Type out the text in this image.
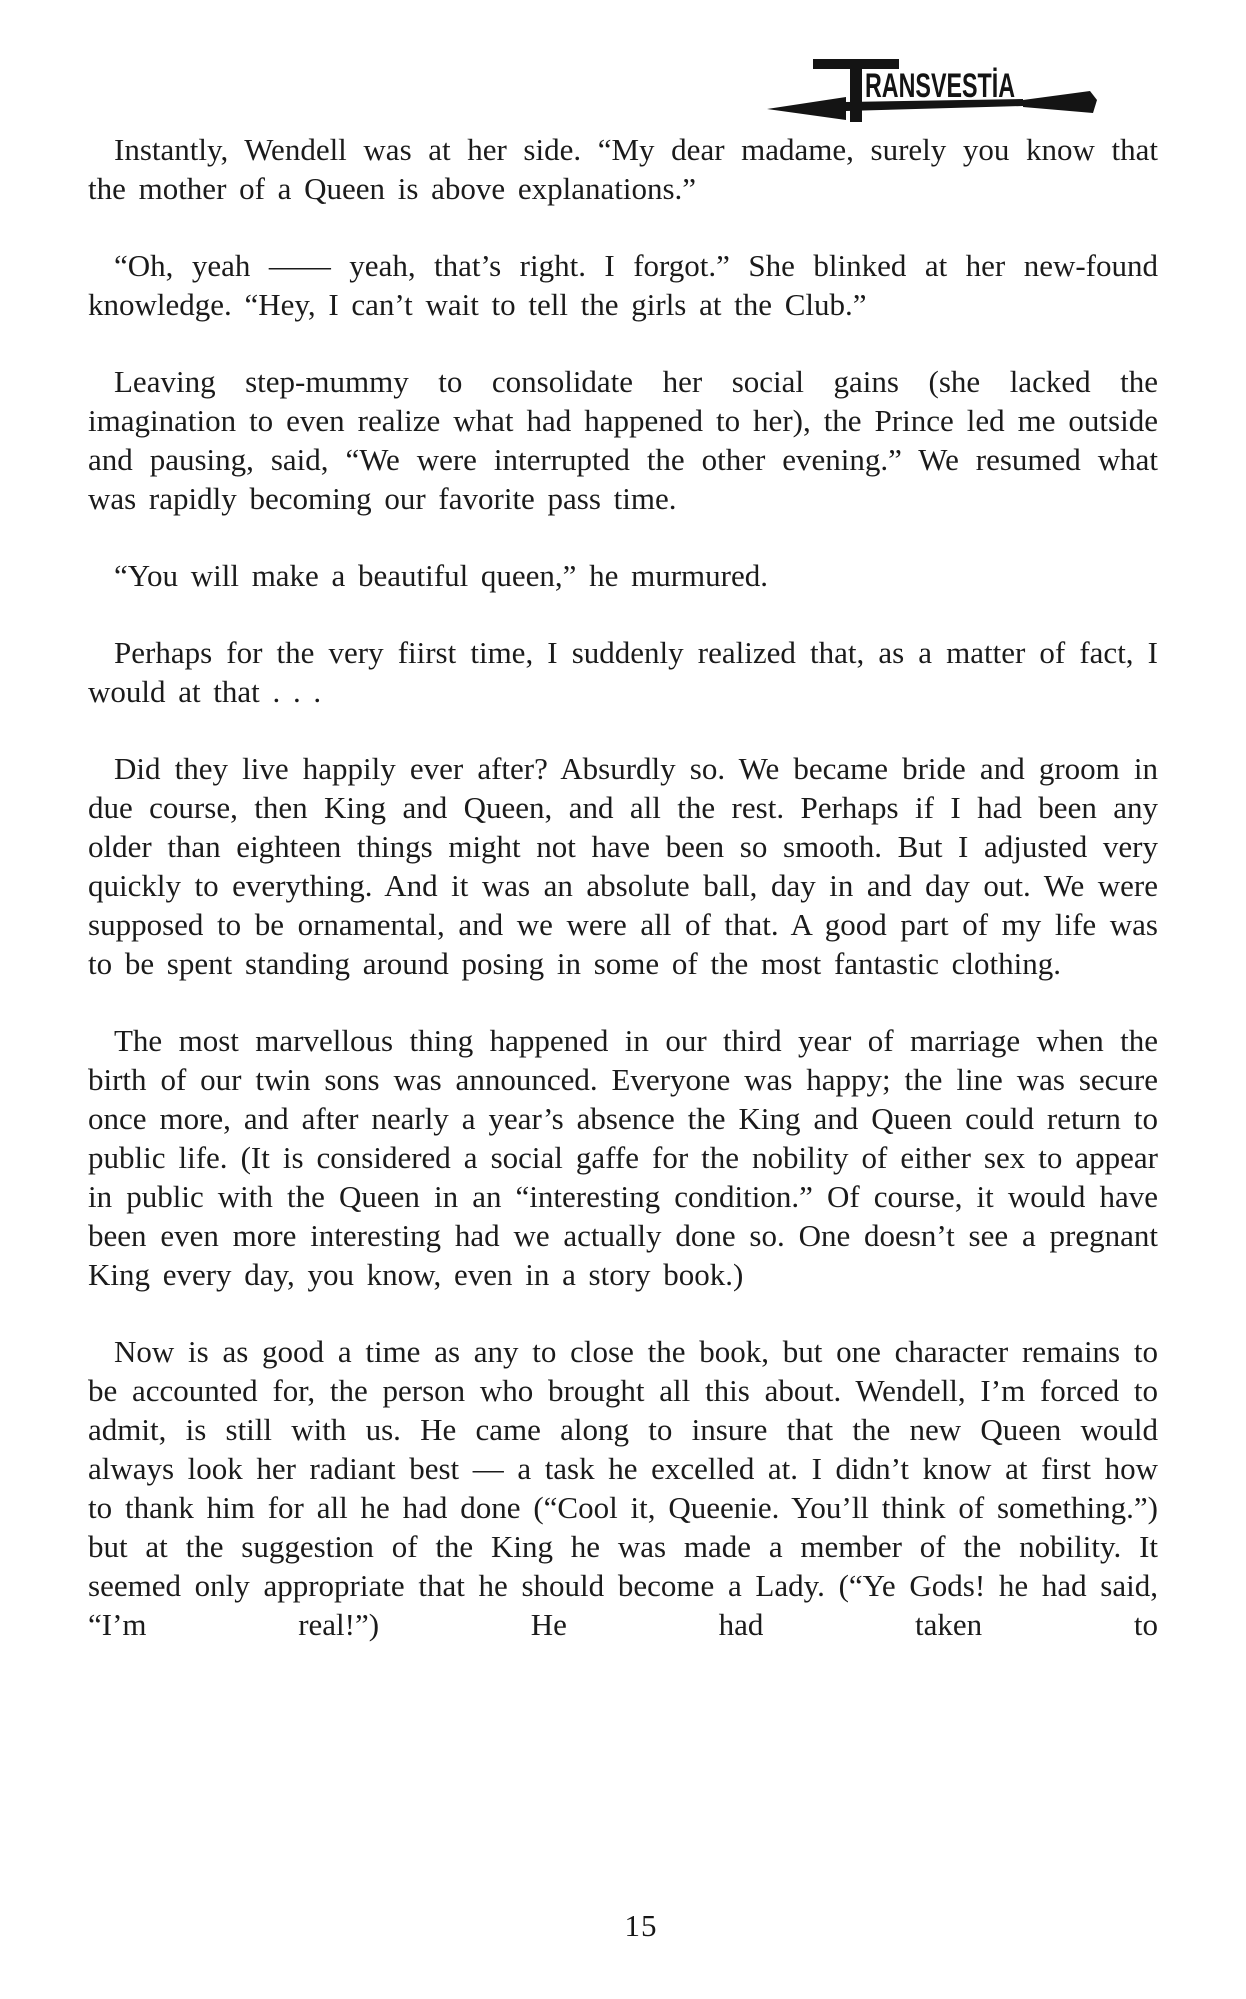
RANSVESTİA

Instantly, Wendell was at her side. “My dear madame, surely you know that the mother of a Queen is above explanations.”

“Oh, yeah —— yeah, that’s right. I forgot.” She blinked at her new-found knowledge. “Hey, I can’t wait to tell the girls at the Club.”

Leaving step-mummy to consolidate her social gains (she lacked the imagination to even realize what had happened to her), the Prince led me outside and pausing, said, “We were interrupted the other evening.” We resumed what was rapidly becoming our favorite pass time.

“You will make a beautiful queen,” he murmured.

Perhaps for the very fiirst time, I suddenly realized that, as a matter of fact, I would at that . . .

Did they live happily ever after? Absurdly so. We became bride and groom in due course, then King and Queen, and all the rest. Perhaps if I had been any older than eighteen things might not have been so smooth. But I adjusted very quickly to everything. And it was an absolute ball, day in and day out. We were supposed to be ornamental, and we were all of that. A good part of my life was to be spent standing around posing in some of the most fantastic clothing.

The most marvellous thing happened in our third year of marriage when the birth of our twin sons was announced. Everyone was happy; the line was secure once more, and after nearly a year’s absence the King and Queen could return to public life. (It is considered a social gaffe for the nobility of either sex to appear in public with the Queen in an “interesting condition.” Of course, it would have been even more interesting had we actually done so. One doesn’t see a pregnant King every day, you know, even in a story book.)

Now is as good a time as any to close the book, but one character remains to be accounted for, the person who brought all this about. Wendell, I’m forced to admit, is still with us. He came along to insure that the new Queen would always look her radiant best — a task he excelled at. I didn’t know at first how to thank him for all he had done (“Cool it, Queenie. You’ll think of something.”) but at the suggestion of the King he was made a member of the nobility. It seemed only appropriate that he should become a Lady. (“Ye Gods! he had said, “I’m real!”) He had taken to

15
